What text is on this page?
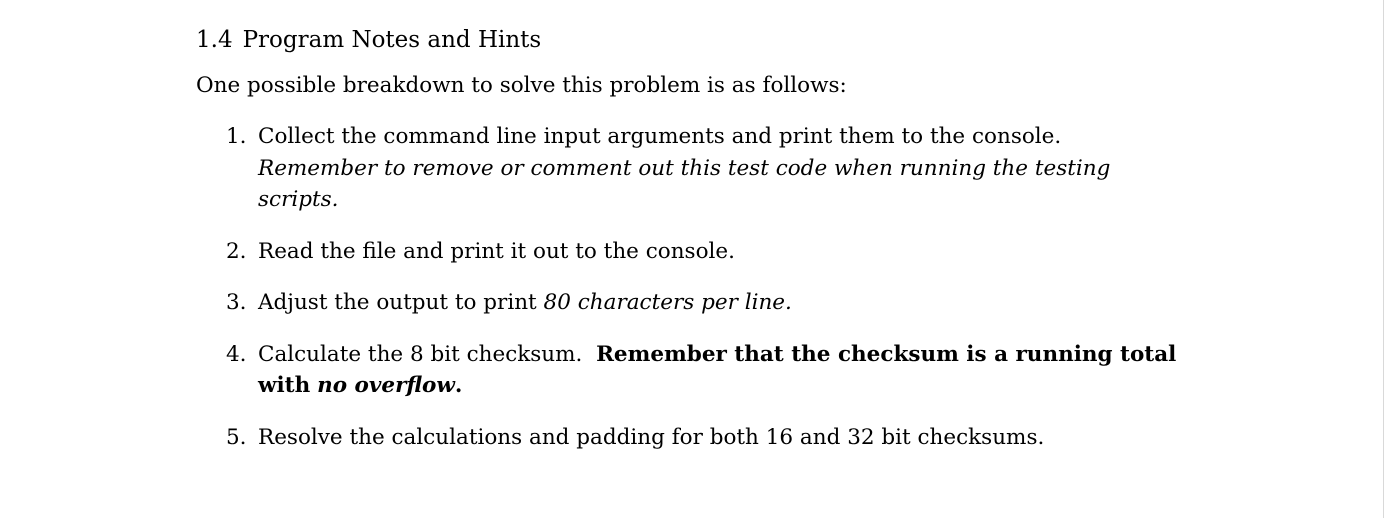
1.4 Program Notes and Hints

One possible breakdown to solve this problem is as follows:

1. Collect the command line input arguments and print them to the console.  Remember to remove or comment out this test code when running the testing scripts.
2. Read the file and print it out to the console.
3. Adjust the output to print 80 characters per line.
4. Calculate the 8 bit checksum. Remember that the checksum is a running total with no overflow.
5. Resolve the calculations and padding for both 16 and 32 bit checksums.
